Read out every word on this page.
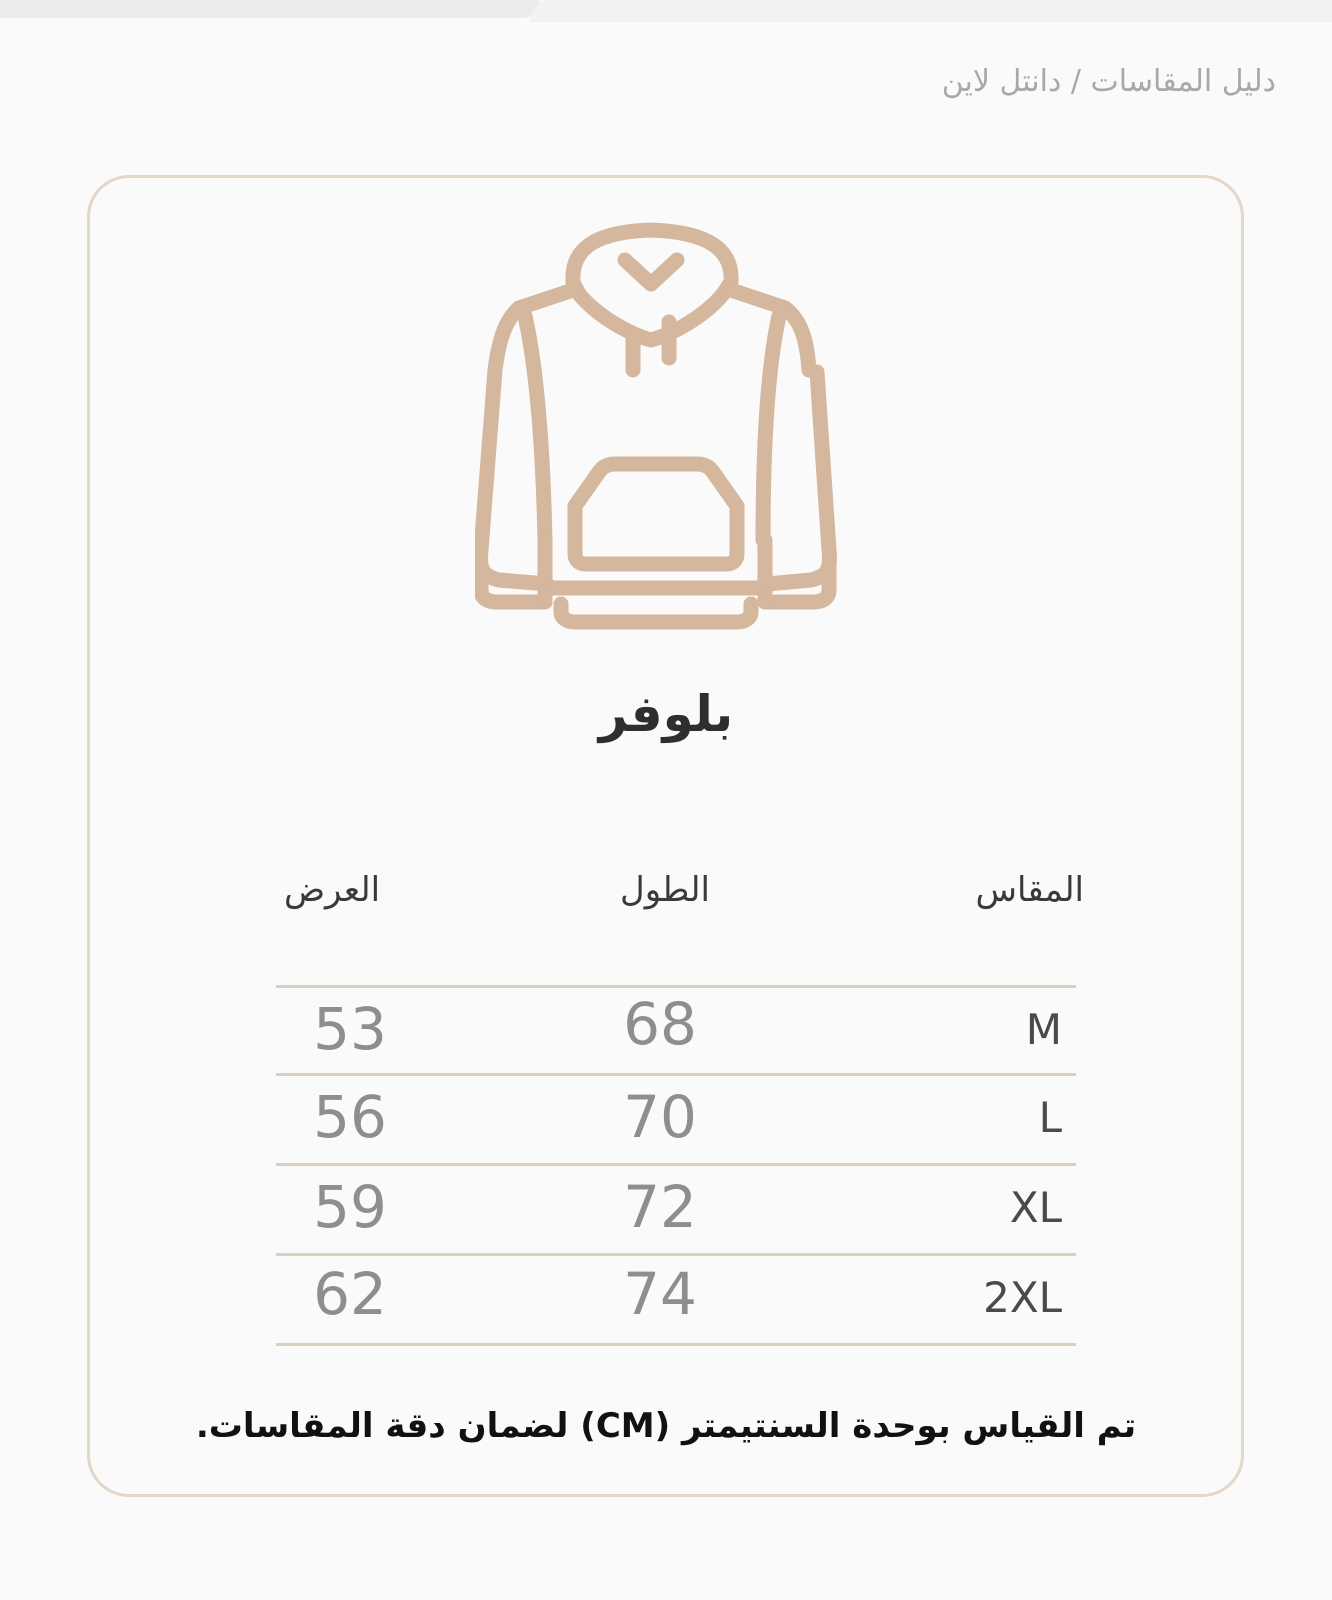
دليل المقاسات / دانتل لاين
بلوفر
المقاس
الطول
العرض
M
68
53
L
70
56
XL
72
59
2XL
74
62
تم القياس بوحدة السنتيمتر (CM) لضمان دقة المقاسات.
